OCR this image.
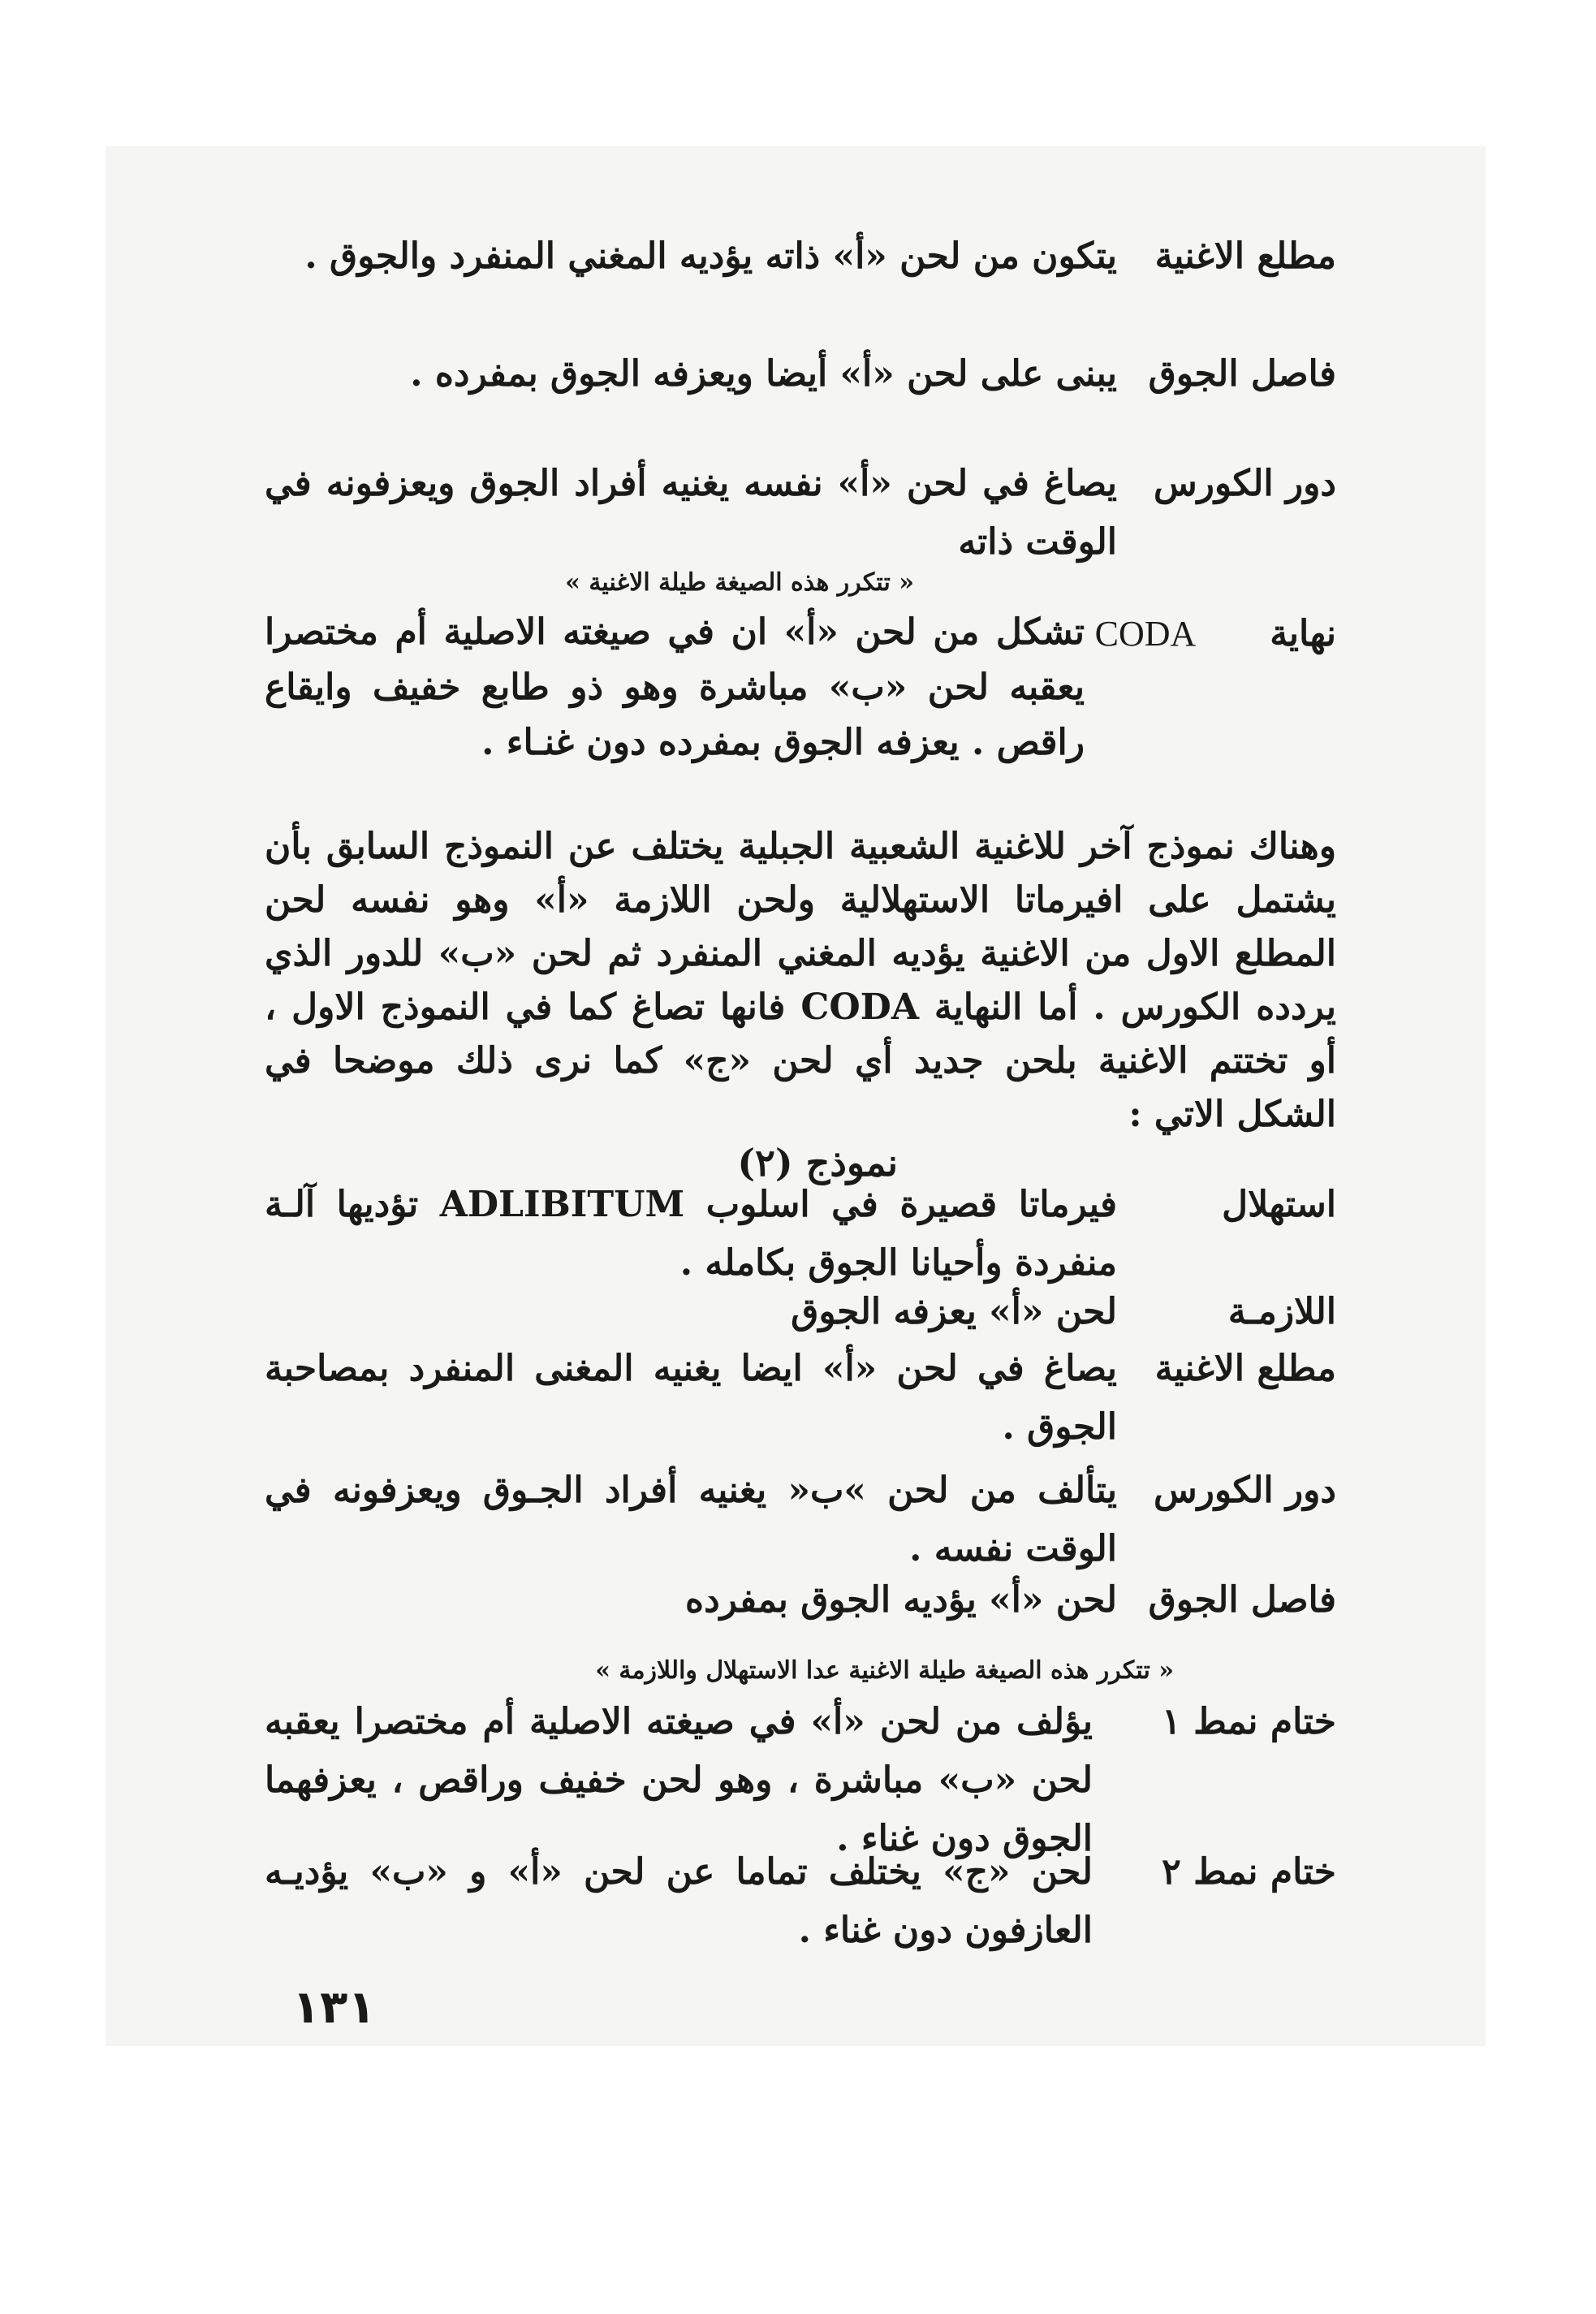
مطلع الاغنية
يتكون من لحن «أ» ذاته يؤديه المغني المنفرد والجوق .
فاصل الجوق
يبنى على لحن «أ» أيضا ويعزفه الجوق بمفرده .
دور الكورس
يصاغ في لحن «أ» نفسه يغنيه أفراد الجوق ويعزفونه في الوقت ذاته
« تتكرر هذه الصيغة طيلة الاغنية »
نهاية
CODA
تشكل من لحن «أ» ان في صيغته الاصلية أم مختصرا يعقبه لحن «ب» مباشرة وهو ذو طابع خفيف وايقاع راقص . يعزفه الجوق بمفرده دون غنـاء .
وهناك نموذج آخر للاغنية الشعبية الجبلية يختلف عن النموذج السابق بأن يشتمل على افيرماتا الاستهلالية ولحن اللازمة «أ» وهو نفسه لحن المطلع الاول من الاغنية يؤديه المغني المنفرد ثم لحن «ب» للدور الذي يردده الكورس . أما النهاية CODA فانها تصاغ كما في النموذج الاول ، أو تختتم الاغنية بلحن جديد أي لحن «ج» كما نرى ذلك موضحا في الشكل الاتي :
نموذج (٢)
استهلال
فيرماتا قصيرة في اسلوب ADLIBITUM تؤديها آلـة منفردة وأحيانا الجوق بكامله .
اللازمـة
لحن «أ» يعزفه الجوق
مطلع الاغنية
يصاغ في لحن «أ» ايضا يغنيه المغنى المنفرد بمصاحبة الجوق .
دور الكورس
يتألف من لحن »ب« يغنيه أفراد الجـوق ويعزفونه في الوقت نفسه .
فاصل الجوق
لحن «أ» يؤديه الجوق بمفرده
« تتكرر هذه الصيغة طيلة الاغنية عدا الاستهلال واللازمة »
ختام نمط ١
يؤلف من لحن «أ» في صيغته الاصلية أم مختصرا يعقبه لحن «ب» مباشرة ، وهو لحن خفيف وراقص ، يعزفهما الجوق دون غناء .
ختام نمط ٢
لحن «ج» يختلف تماما عن لحن «أ» و «ب» يؤديـه العازفون دون غناء .
١٣١
